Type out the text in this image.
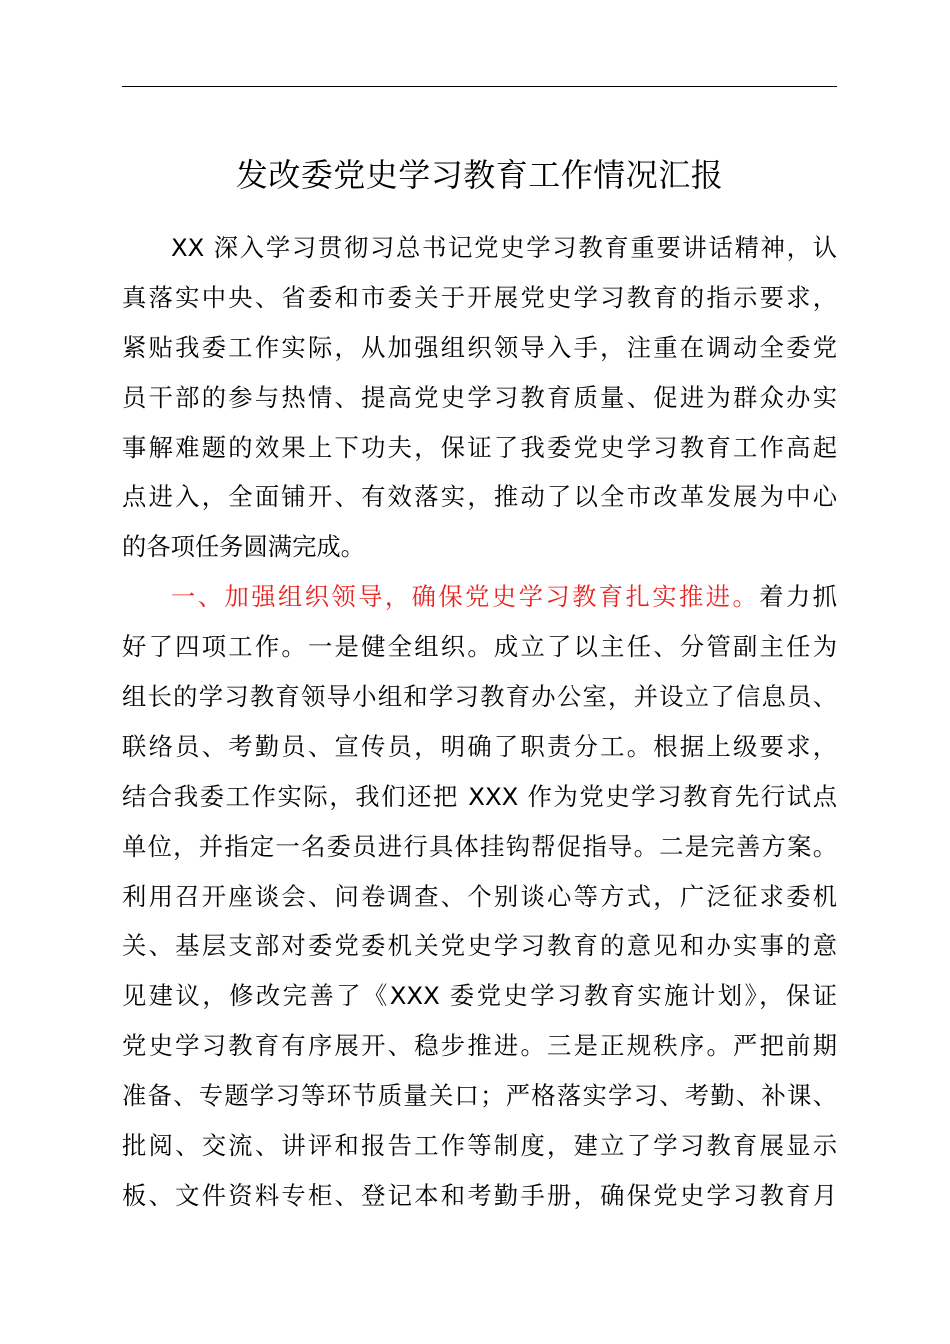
发改委党史学习教育工作情况汇报
XX 深入学习贯彻习总书记党史学习教育重要讲话精神，认
真落实中央、省委和市委关于开展党史学习教育的指示要求，
紧贴我委工作实际，从加强组织领导入手，注重在调动全委党
员干部的参与热情、提高党史学习教育质量、促进为群众办实
事解难题的效果上下功夫，保证了我委党史学习教育工作高起
点进入，全面铺开、有效落实，推动了以全市改革发展为中心
的各项任务圆满完成。
一、加强组织领导，确保党史学习教育扎实推进。着力抓
好了四项工作。一是健全组织。成立了以主任、分管副主任为
组长的学习教育领导小组和学习教育办公室，并设立了信息员、
联络员、考勤员、宣传员，明确了职责分工。根据上级要求，
结合我委工作实际，我们还把 XXX 作为党史学习教育先行试点
单位，并指定一名委员进行具体挂钩帮促指导。二是完善方案。
利用召开座谈会、问卷调查、个别谈心等方式，广泛征求委机
关、基层支部对委党委机关党史学习教育的意见和办实事的意
见建议，修改完善了《XXX 委党史学习教育实施计划》，保证
党史学习教育有序展开、稳步推进。三是正规秩序。严把前期
准备、专题学习等环节质量关口；严格落实学习、考勤、补课、
批阅、交流、讲评和报告工作等制度，建立了学习教育展显示
板、文件资料专柜、登记本和考勤手册，确保党史学习教育月
